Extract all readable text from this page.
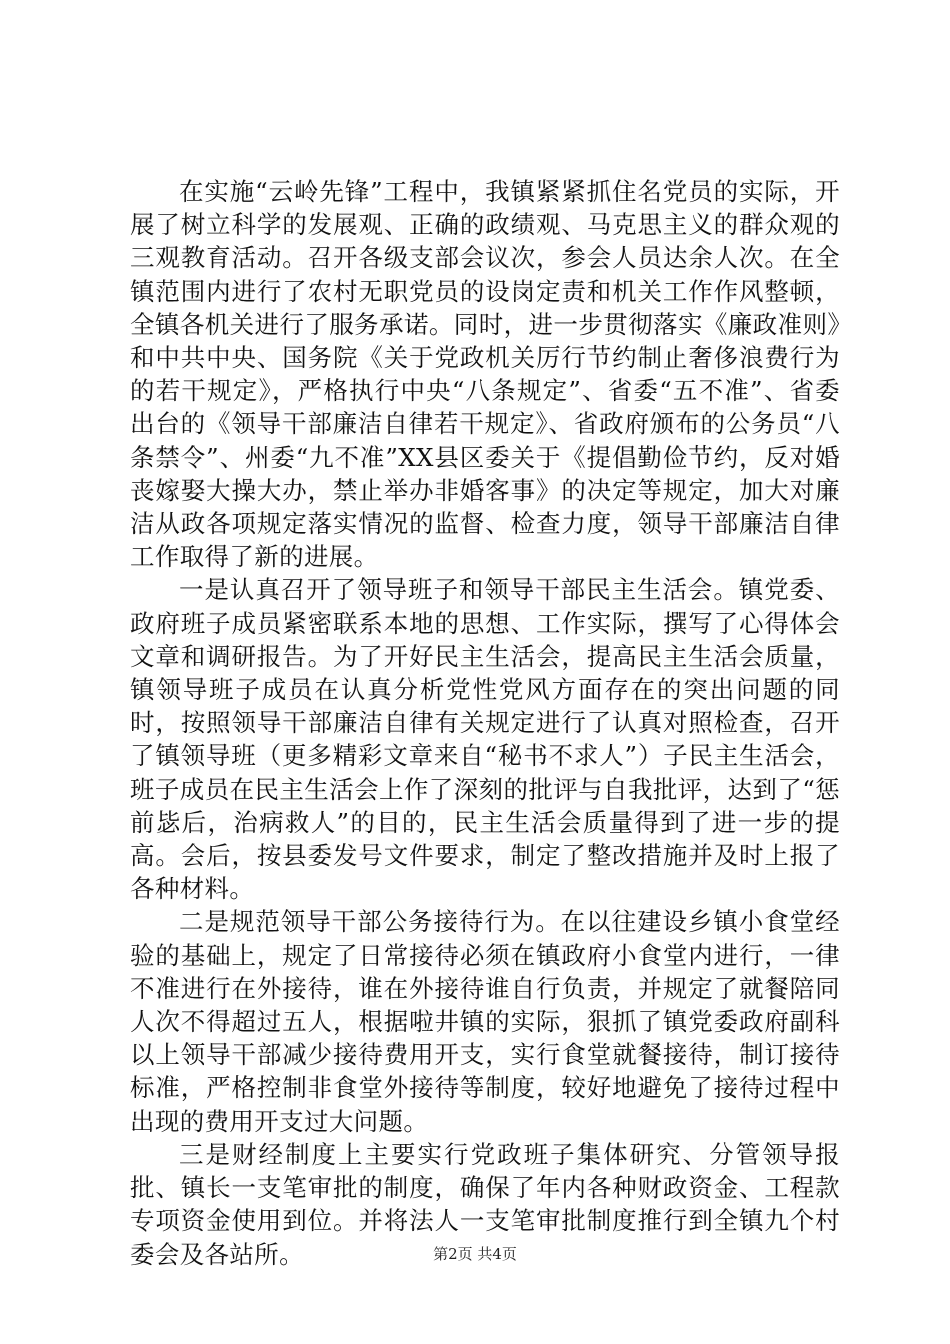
在实施“云岭先锋”工程中，我镇紧紧抓住名党员的实际，开展了树立科学的发展观、正确的政绩观、马克思主义的群众观的三观教育活动。召开各级支部会议次，参会人员达余人次。在全镇范围内进行了农村无职党员的设岗定责和机关工作作风整顿，全镇各机关进行了服务承诺。同时，进一步贯彻落实《廉政准则》和中共中央、国务院《关于党政机关厉行节约制止奢侈浪费行为的若干规定》，严格执行中央“八条规定”、省委“五不准”、省委出台的《领导干部廉洁自律若干规定》、省政府颁布的公务员“八条禁令”、州委“九不准”XX县区委关于《提倡勤俭节约，反对婚丧嫁娶大操大办，禁止举办非婚客事》的决定等规定，加大对廉洁从政各项规定落实情况的监督、检查力度，领导干部廉洁自律工作取得了新的进展。

一是认真召开了领导班子和领导干部民主生活会。镇党委、政府班子成员紧密联系本地的思想、工作实际，撰写了心得体会文章和调研报告。为了开好民主生活会，提高民主生活会质量，镇领导班子成员在认真分析党性党风方面存在的突出问题的同时，按照领导干部廉洁自律有关规定进行了认真对照检查，召开了镇领导班（更多精彩文章来自“秘书不求人”）子民主生活会，班子成员在民主生活会上作了深刻的批评与自我批评，达到了“惩前毖后，治病救人”的目的，民主生活会质量得到了进一步的提高。会后，按县委发号文件要求，制定了整改措施并及时上报了各种材料。

二是规范领导干部公务接待行为。在以往建设乡镇小食堂经验的基础上，规定了日常接待必须在镇政府小食堂内进行，一律不准进行在外接待，谁在外接待谁自行负责，并规定了就餐陪同人次不得超过五人，根据啦井镇的实际，狠抓了镇党委政府副科以上领导干部减少接待费用开支，实行食堂就餐接待，制订接待标准，严格控制非食堂外接待等制度，较好地避免了接待过程中出现的费用开支过大问题。

三是财经制度上主要实行党政班子集体研究、分管领导报批、镇长一支笔审批的制度，确保了年内各种财政资金、工程款专项资金使用到位。并将法人一支笔审批制度推行到全镇九个村委会及各站所。	第2页 共4页
